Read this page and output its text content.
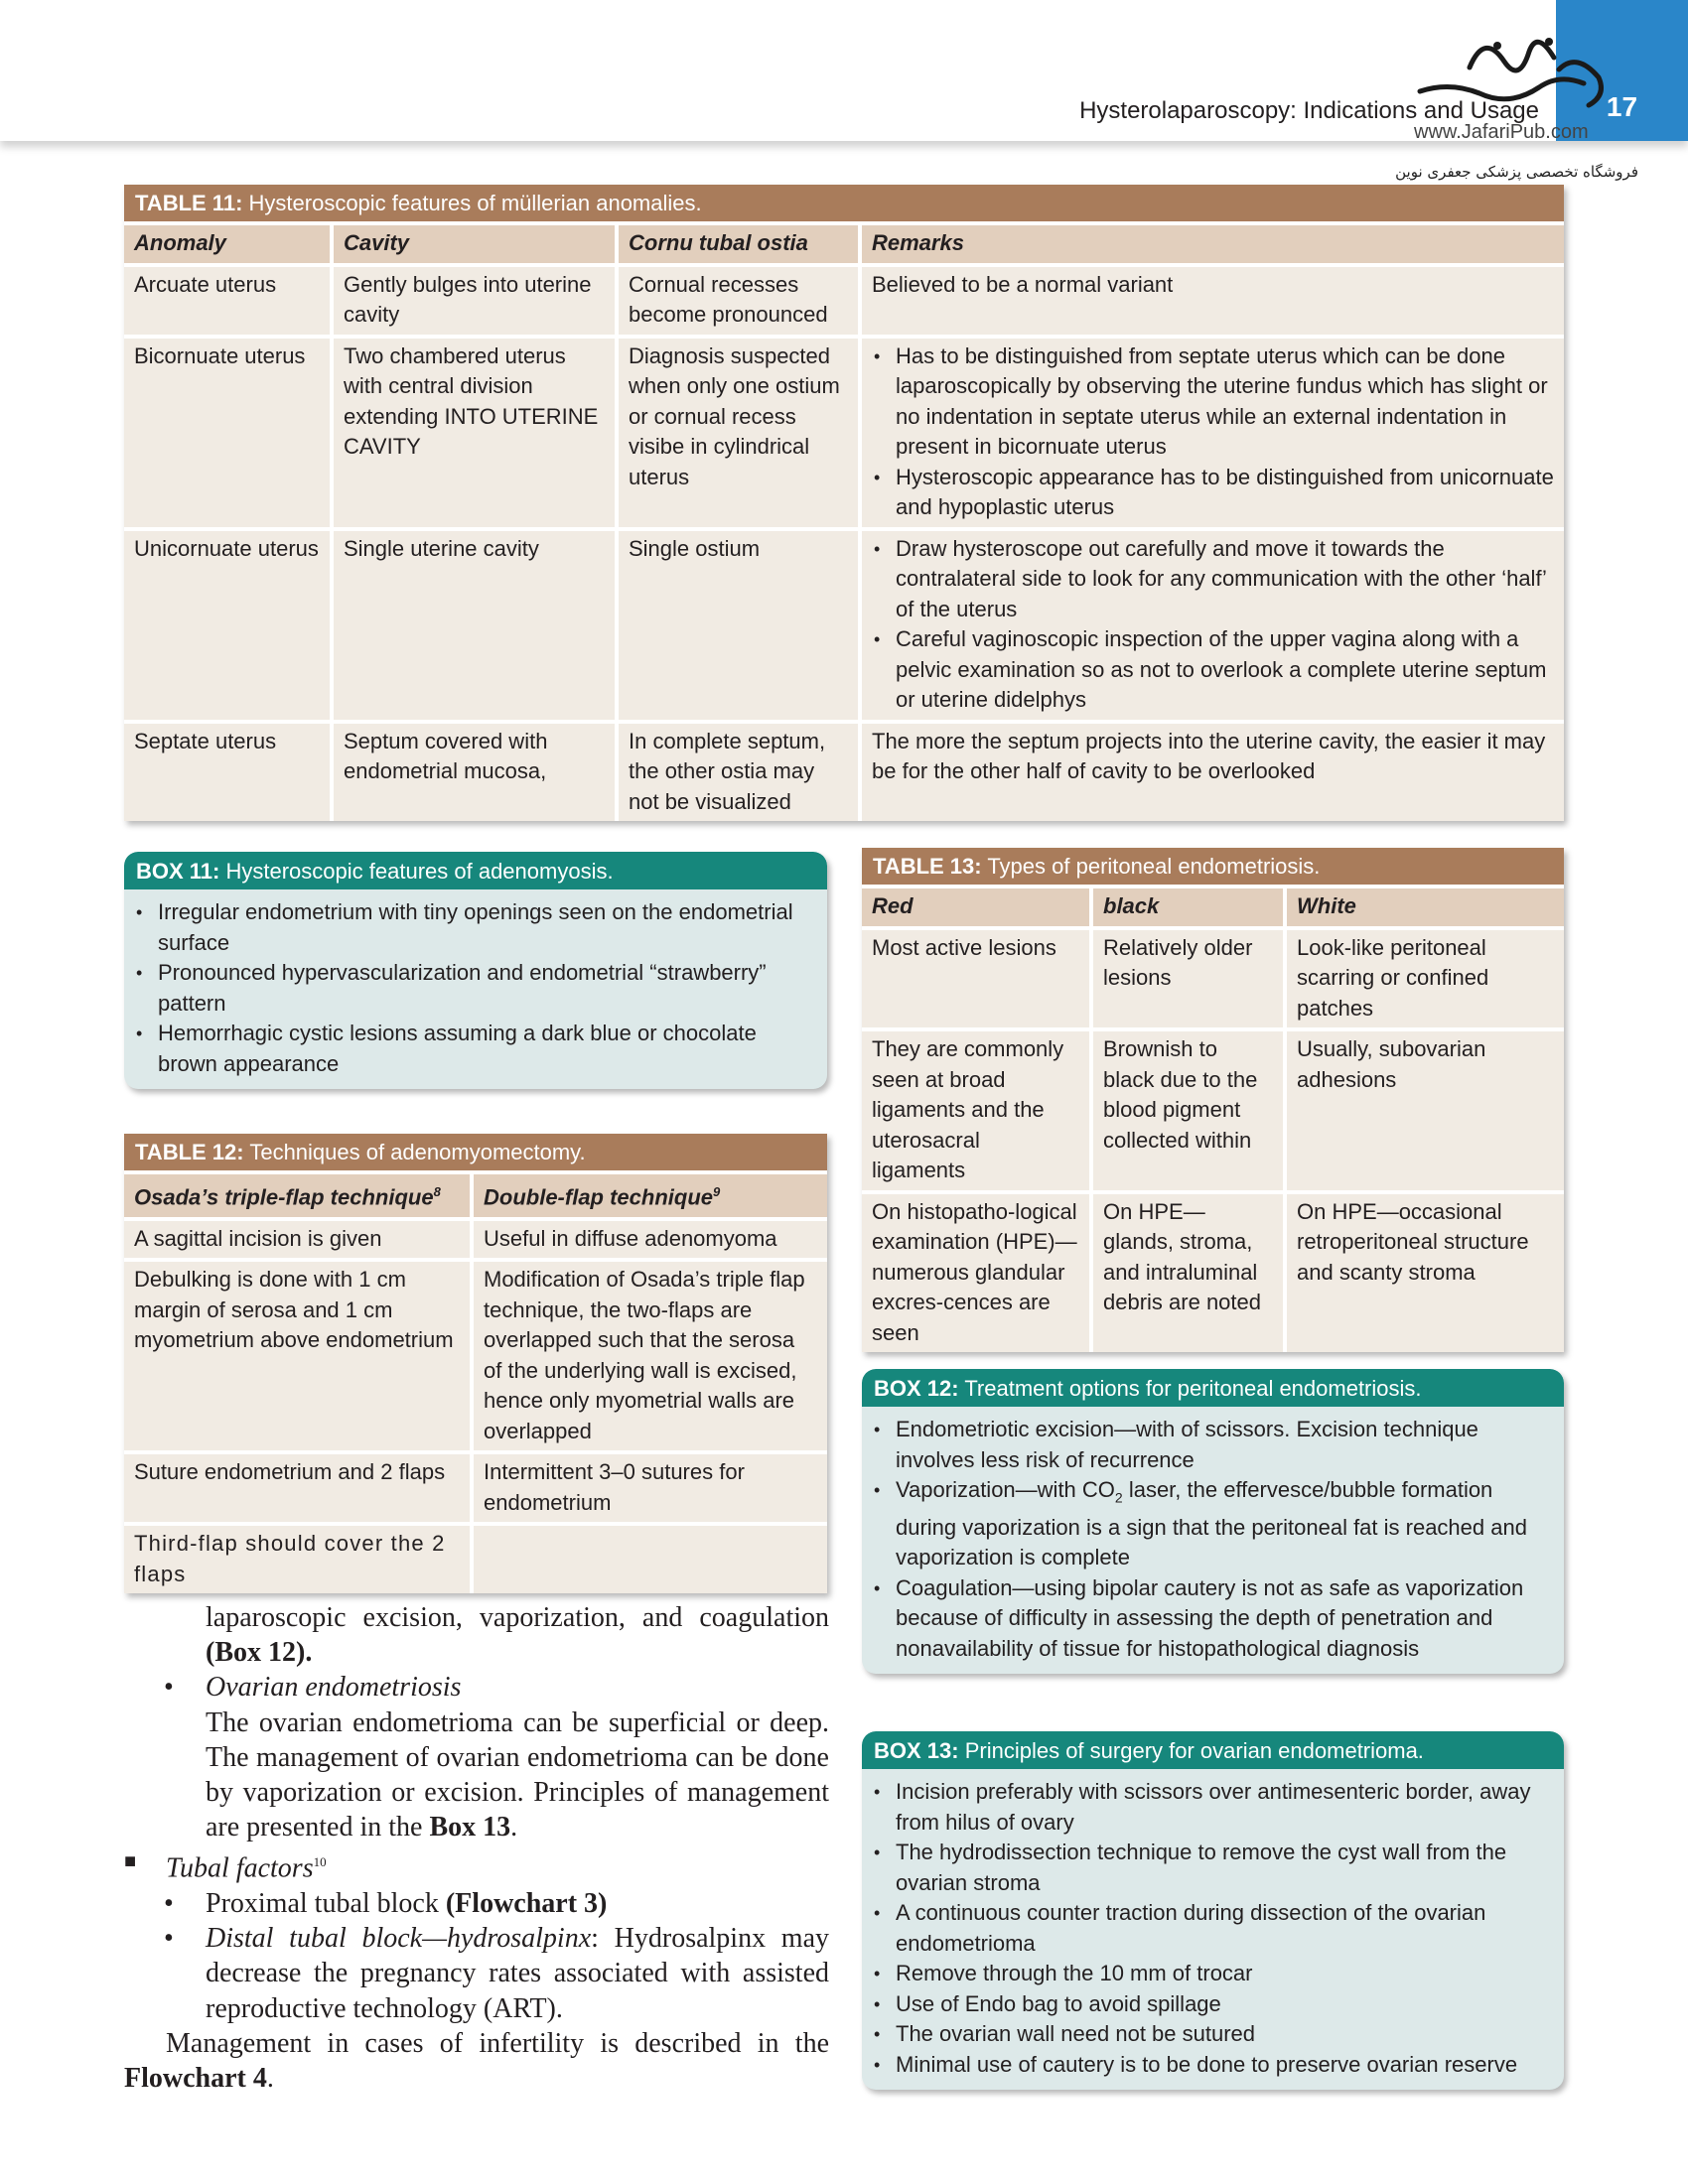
17
Hysterolaparoscopy: Indications and Usage
www.JafariPub.com
فروشگاه تخصصی پزشکی جعفری نوین
TABLE 11: Hysteroscopic features of müllerian anomalies.
Anomaly	Cavity	Cornu tubal ostia	Remarks
Arcuate uterus	Gently bulges into uterine cavity
Cornual recesses become pronounced
Believed to be a normal variant
Bicornuate uterus	Two chambered uterus with central division extending INTO UTERINE CAVITY
Diagnosis suspected when only one ostium or cornual recess visibe in cylindrical uterus
• Has to be distinguished from septate uterus which can be done laparoscopically by observing the uterine fundus which has slight or no indentation in septate uterus while an external indentation in present in bicornuate uterus
• Hysteroscopic appearance has to be distinguished from unicornuate and hypoplastic uterus
Unicornuate uterus	Single uterine cavity	Single ostium
•	Draw hysteroscope out carefully and move it towards the contralateral side to look for any communication with the other ‘half’ of the uterus
• Careful vaginoscopic inspection of the upper vagina along with a pelvic examination so as not to overlook a complete uterine septum or uterine didelphys
Septate uterus	Septum covered with endometrial mucosa,
In complete septum, the other ostia may not be visualized
The more the septum projects into the uterine cavity, the easier it may be for the other half of cavity to be overlooked
BOX 11: Hysteroscopic features of adenomyosis.
• Irregular endometrium with tiny openings seen on the endometrial surface
• Pronounced hypervascularization and endometrial “strawberry” pattern
• Hemorrhagic cystic lesions assuming a dark blue or chocolate brown appearance
TABLE 12: Techniques of adenomyomectomy.
Osada’s triple-flap technique$^8$	Double-flap technique$^9$
A sagittal incision is given	Useful in diffuse adenomyoma
Debulking is done with 1 cm margin of serosa and 1 cm myometrium above endometrium
Modification of Osada’s triple flap technique, the two-flaps are overlapped such that the serosa of the underlying wall is excised, hence only myometrial walls are overlapped
Suture endometrium and 2 flaps	Intermittent 3–0 sutures for endometrium
Third-flap should cover the 2 flaps
TABLE 13: Types of peritoneal endometriosis.
Red	black	White
Most active lesions	Relatively older lesions
Look-like peritoneal scarring or confined patches
They are commonly seen at broad ligaments and the uterosacral ligaments
Brownish to black due to the blood pigment collected within
Usually, subovarian adhesions
On histopatho-logical examination (HPE)—numerous glandular excres-cences are seen
On HPE—glands, stroma, and intraluminal debris are noted
On HPE—occasional retroperitoneal structure and scanty stroma
BOX 12: Treatment options for peritoneal endometriosis.
• Endometriotic excision—with of scissors. Excision technique involves less risk of recurrence
• Vaporization—with $CO_2$ laser, the effervesce/bubble formation during vaporization is a sign that the peritoneal fat is reached and vaporization is complete
• Coagulation—using bipolar cautery is not as safe as vaporization because of difficulty in assessing the depth of penetration and nonavailability of tissue for histopathological diagnosis
BOX 13: Principles of surgery for ovarian endometrioma.
• Incision preferably with scissors over antimesenteric border, away from hilus of ovary
• The hydrodissection technique to remove the cyst wall from the ovarian stroma
• A continuous counter traction during dissection of the ovarian endometrioma
• Remove through the 10 mm of trocar
• Use of Endo bag to avoid spillage
• The ovarian wall need not be sutured
• Minimal use of cautery is to be done to preserve ovarian reserve
laparoscopic excision, vaporization, and coagulation (Box 12).
• Ovarian endometriosis
The ovarian endometrioma can be superficial or deep. The management of ovarian endometrioma can be done by vaporization or excision. Principles of management are presented in the Box 13.
■ Tubal factors$^{10}$
• Proximal tubal block (Flowchart 3)
• Distal tubal block—hydrosalpinx: Hydrosalpinx may decrease the pregnancy rates associated with assisted reproductive technology (ART).
Management in cases of infertility is described in the Flowchart 4.
